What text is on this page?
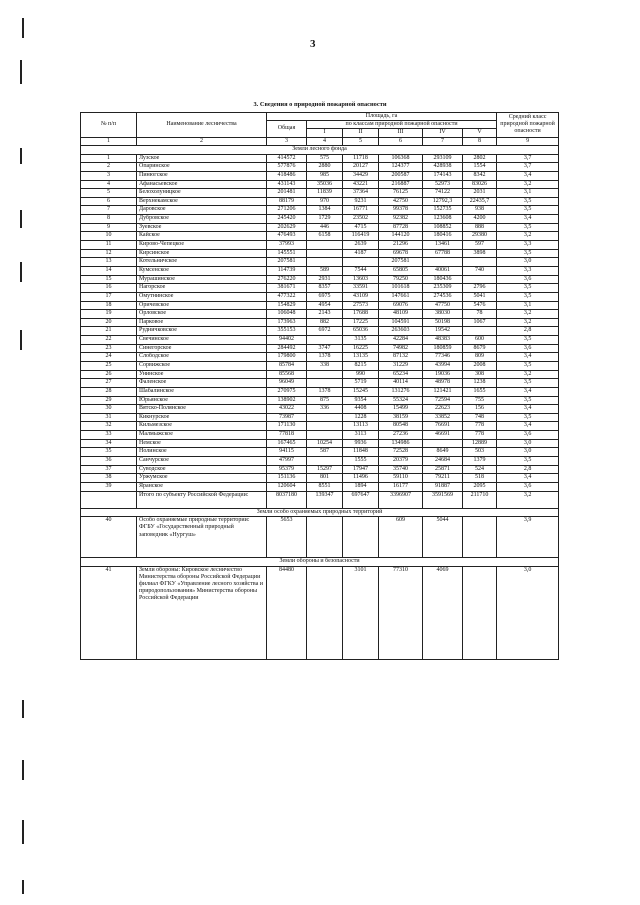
3
3. Сведения о природной пожарной опасности
№ п/п	Наименование лесничества	Площадь, га						Средний класс природной пожарной опасности
		Общая	по классам природной пожарной опасности					
			I	II	III	IV	V	
1	2	3	4	5	6	7	8	9
Земли лесного фонда								
1	Лузское	414572	575	11718	106368	293109	2802	3,7
2	Опаринское	577876	2880	20127	124377	428938	1554	3,7
3	Пинюгское	418486	985	34429	200587	174143	8342	3,4
4	Афанасьевское	431143	35036	43221	216887	52973	83026	3,2
5	Белохолуницкое	201481	11839	37364	76125	74122	2031	3,1
6	Верхнекамское	88179	970	9231	42750	12792,3	22435,7	3,5
7	Даровское	271206	1384	16771	99378	152735	938	3,5
8	Дубровское	245420	1729	23502	92382	123608	4200	3,4
9	Зуевское	202629	446	4715	87728	108852	888	3,5
10	Кайское	476493	6158	116419	144120	180416	29380	3,2
11	Кирово-Чепецкое	37993		2639	21296	13461	597	3,3
12	Кирсинское	145551		4187	69678	67788	3898	3,5
13	Котельничское	207581			207581			3,0
14	Кумсенское	114739	589	7544	65805	40061	740	3,3
15	Мурашинское	276220	2931	13603	79250	180436		3,6
16	Нагорское	381671	8357	33591	101618	235309	2796	3,5
17	Омутнинское	477322	6975	43109	147661	274536	5041	3,5
18	Оричевское	154829	4954	27573	69076	47750	5476	3,1
19	Орловское	106048	2143	17688	48109	38030	78	3,2
20	Парковое	173963	882	17225	104591	50198	1067	3,2
21	Рудничковское	355153	6972	65036	263603	19542		2,8
22	Свечинское	94402		3135	42284	48383	600	3,5
23	Синегорское	284492	3747	16225	74982	180859	8679	3,6
24	Слободское	179800	1378	13135	87132	77346	809	3,4
25	Сорвижское	85784	338	8215	31229	43994	2008	3,5
26	Унинское	85568		990	65234	19036	308	3,2
27	Фаленское	96049		5719	40114	48978	1238	3,5
28	Шабалинское	270975	1378	15245	131276	121421	1655	3,4
29	Юрьянское	138902	875	9354	55324	72594	755	3,5
30	Вятско-Полянское	43022	336	4408	15499	22623	156	3,4
31	Кикнурское	73987		1228	38159	33852	748	3,5
32	Кильмезское	171130		13113	80548	76691	778	3,4
33	Малмыжское	77818		3113	27236	46691	778	3,6
34	Немское	167465	10254	9936	134986		12889	3,0
35	Нолинское	94115	587	11848	72528	8649	503	3,0
36	Санчурское	47997		1555	20379	24684	1379	3,5
37	Суводское	95379	15297	17947	35740	25871	524	2,8
38	Уржумское	151136	801	11496	59110	79211	518	3,4
39	Яранское	120604	8551	1894	16177	91887	2095	3,6
	Итого по субъекту Российской Федерации:	8037180	139347	697647	3396907	3591569	211710	3,2
Земли особо охраняемых природных территорий								
40	Особо охраняемые природные территории: ФГБУ «Государственный природный заповедник «Нургуш»	5653			609	5044		3,9
Земли обороны и безопасности								
41	Земли обороны: Кировское лесничество Министерства обороны Российской Федерации филиал ФГКУ «Управление лесного хозяйства и природопользования» Министерства обороны Российской Федерации	84480		3101	77310	4069		3,0
